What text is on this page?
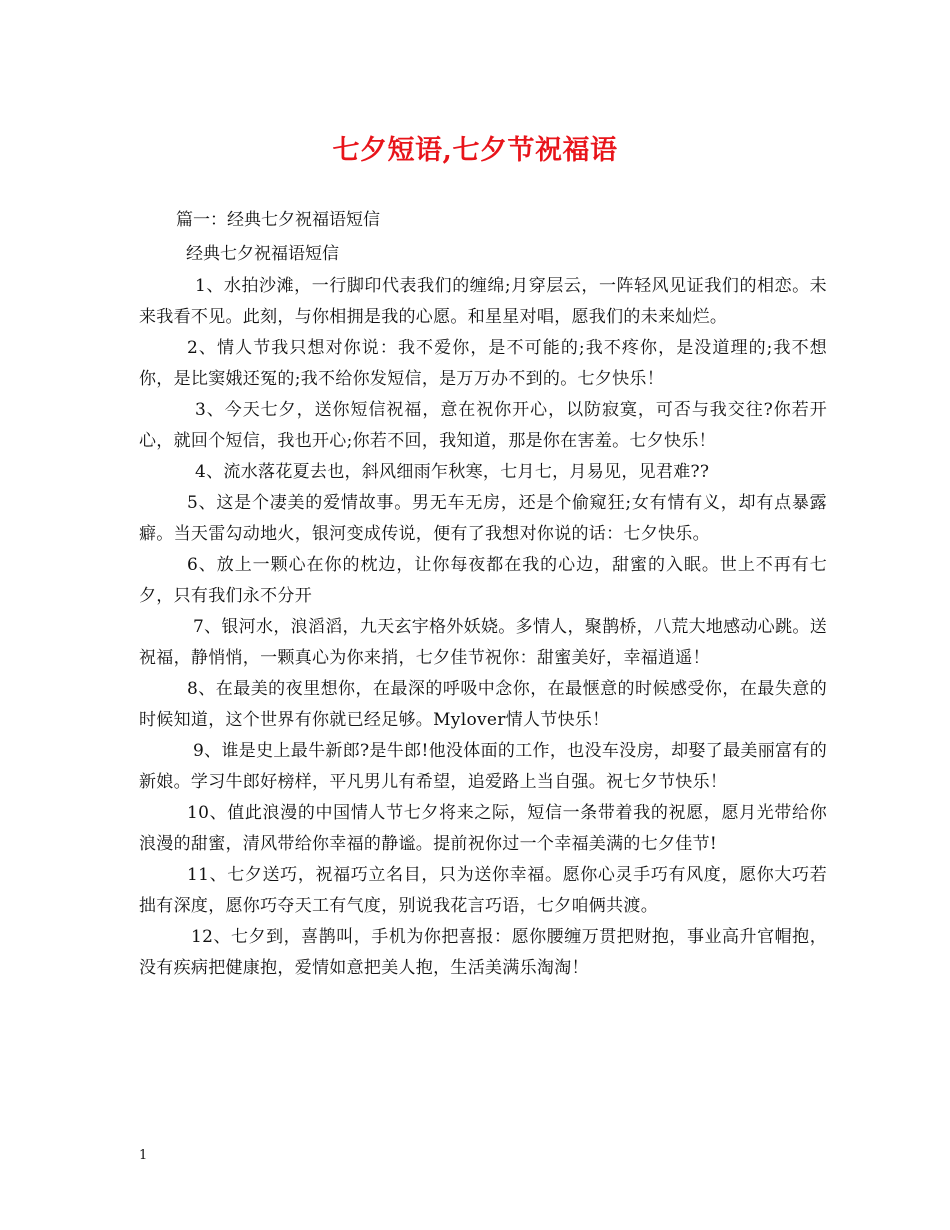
七夕短语,七夕节祝福语
篇一：经典七夕祝福语短信
经典七夕祝福语短信

1、水拍沙滩，一行脚印代表我们的缠绵;月穿层云，一阵轻风见证我们的相恋。未来我看不见。此刻，与你相拥是我的心愿。和星星对唱，愿我们的未来灿烂。

2、情人节我只想对你说：我不爱你，是不可能的;我不疼你，是没道理的;我不想你，是比窦娥还冤的;我不给你发短信，是万万办不到的。七夕快乐！

3、今天七夕，送你短信祝福，意在祝你开心，以防寂寞，可否与我交往?你若开心，就回个短信，我也开心;你若不回，我知道，那是你在害羞。七夕快乐！

4、流水落花夏去也，斜风细雨乍秋寒，七月七，月易见，见君难??

5、这是个凄美的爱情故事。男无车无房，还是个偷窥狂;女有情有义，却有点暴露癖。当天雷勾动地火，银河变成传说，便有了我想对你说的话：七夕快乐。

6、放上一颗心在你的枕边，让你每夜都在我的心边，甜蜜的入眠。世上不再有七夕，只有我们永不分开

7、银河水，浪滔滔，九天玄宇格外妖娆。多情人，聚鹊桥，八荒大地感动心跳。送祝福，静悄悄，一颗真心为你来捎，七夕佳节祝你：甜蜜美好，幸福逍遥！

8、在最美的夜里想你，在最深的呼吸中念你，在最惬意的时候感受你，在最失意的时候知道，这个世界有你就已经足够。Mylover情人节快乐！

9、谁是史上最牛新郎?是牛郎!他没体面的工作，也没车没房，却娶了最美丽富有的新娘。学习牛郎好榜样，平凡男儿有希望，追爱路上当自强。祝七夕节快乐！

10、值此浪漫的中国情人节七夕将来之际，短信一条带着我的祝愿，愿月光带给你浪漫的甜蜜，清风带给你幸福的静谧。提前祝你过一个幸福美满的七夕佳节!

11、七夕送巧，祝福巧立名目，只为送你幸福。愿你心灵手巧有风度，愿你大巧若拙有深度，愿你巧夺天工有气度，别说我花言巧语，七夕咱俩共渡。

12、七夕到，喜鹊叫，手机为你把喜报：愿你腰缠万贯把财抱，事业高升官帽抱，没有疾病把健康抱，爱情如意把美人抱，生活美满乐淘淘！

1
